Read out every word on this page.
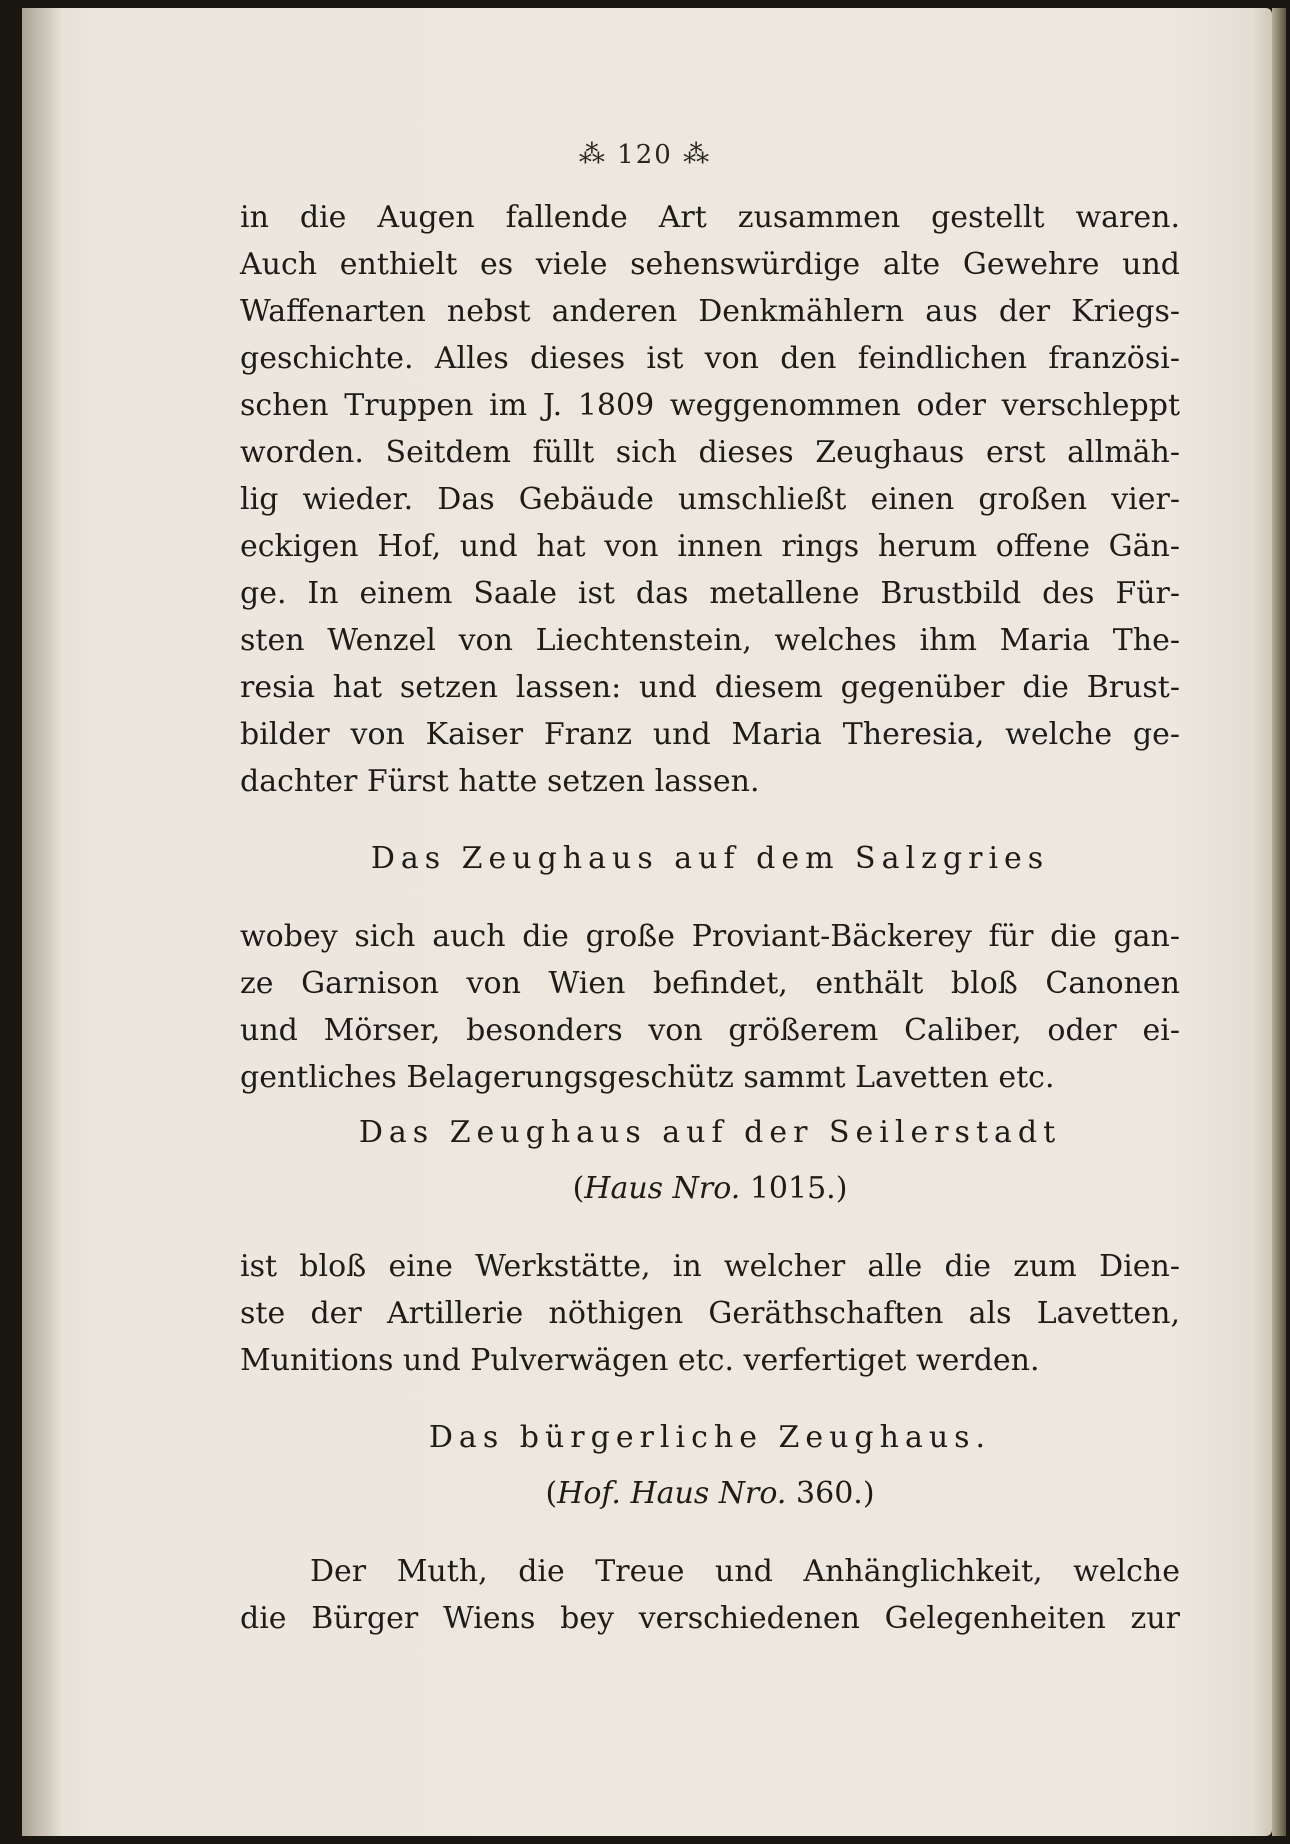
⁂ 120 ⁂
in die Augen fallende Art zusammen gestellt waren.
Auch enthielt es viele sehenswürdige alte Gewehre und
Waffenarten nebst anderen Denkmählern aus der Kriegs-
geschichte. Alles dieses ist von den feindlichen französi-
schen Truppen im J. 1809 weggenommen oder verschleppt
worden. Seitdem füllt sich dieses Zeughaus erst allmäh-
lig wieder. Das Gebäude umschließt einen großen vier-
eckigen Hof, und hat von innen rings herum offene Gän-
ge. In einem Saale ist das metallene Brustbild des Für-
sten Wenzel von Liechtenstein, welches ihm Maria The-
resia hat setzen lassen: und diesem gegenüber die Brust-
bilder von Kaiser Franz und Maria Theresia, welche ge-
dachter Fürst hatte setzen lassen.
Das Zeughaus auf dem Salzgries
wobey sich auch die große Proviant-Bäckerey für die gan-
ze Garnison von Wien befindet, enthält bloß Canonen
und Mörser, besonders von größerem Caliber, oder ei-
gentliches Belagerungsgeschütz sammt Lavetten etc.
Das Zeughaus auf der Seilerstadt
(Haus Nro. 1015.)
ist bloß eine Werkstätte, in welcher alle die zum Dien-
ste der Artillerie nöthigen Geräthschaften als Lavetten,
Munitions und Pulverwägen etc. verfertiget werden.
Das bürgerliche Zeughaus.
(Hof. Haus Nro. 360.)
Der Muth, die Treue und Anhänglichkeit, welche
die Bürger Wiens bey verschiedenen Gelegenheiten zur
